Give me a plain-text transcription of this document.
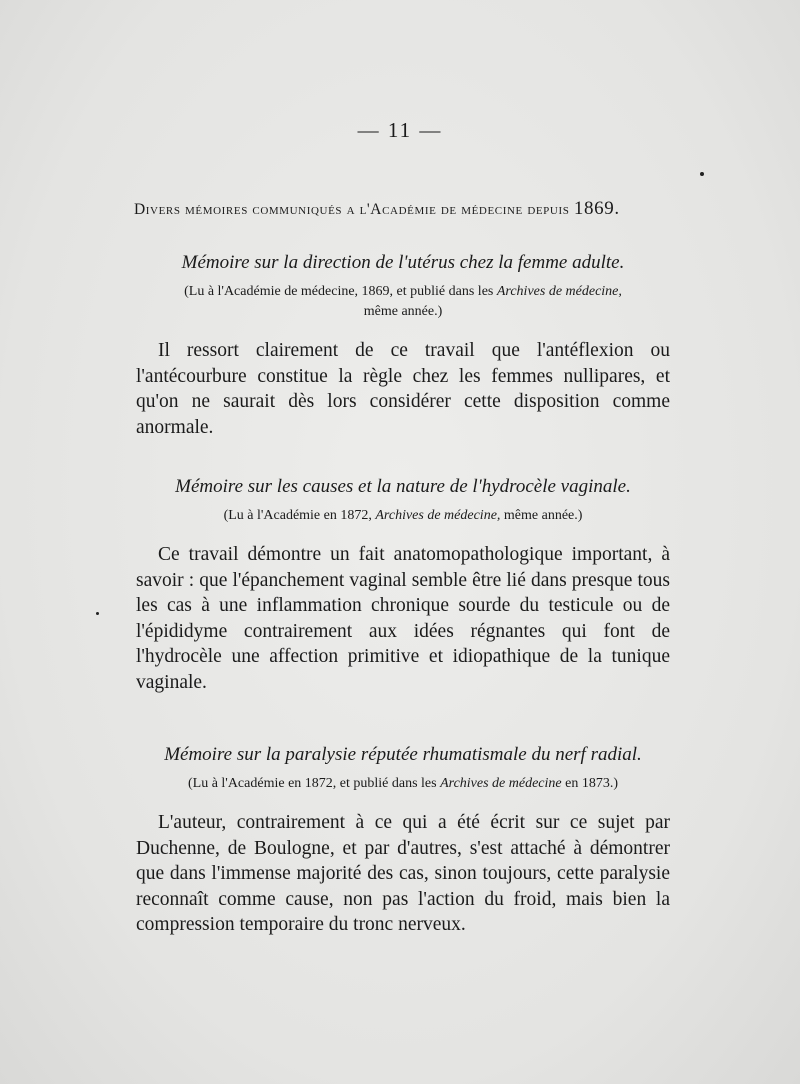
— 11 —
Divers mémoires communiqués a l'Académie de médecine depuis 1869.
Mémoire sur la direction de l'utérus chez la femme adulte.
(Lu à l'Académie de médecine, 1869, et publié dans les Archives de médecine,
même année.)

Il ressort clairement de ce travail que l'antéflexion ou l'antécourbure constitue la règle chez les femmes nullipares, et qu'on ne saurait dès lors considérer cette disposition comme anormale.

Mémoire sur les causes et la nature de l'hydrocèle vaginale.
(Lu à l'Académie en 1872, Archives de médecine, même année.)

Ce travail démontre un fait anatomopathologique important, à savoir : que l'épanchement vaginal semble être lié dans presque tous les cas à une inflammation chronique sourde du testicule ou de l'épididyme contrairement aux idées régnantes qui font de l'hydrocèle une affection primitive et idiopathique de la tunique vaginale.

Mémoire sur la paralysie réputée rhumatismale du nerf radial.
(Lu à l'Académie en 1872, et publié dans les Archives de médecine en 1873.)

L'auteur, contrairement à ce qui a été écrit sur ce sujet par Duchenne, de Boulogne, et par d'autres, s'est attaché à démontrer que dans l'immense majorité des cas, sinon toujours, cette paralysie reconnaît comme cause, non pas l'action du froid, mais bien la compression temporaire du tronc nerveux.
